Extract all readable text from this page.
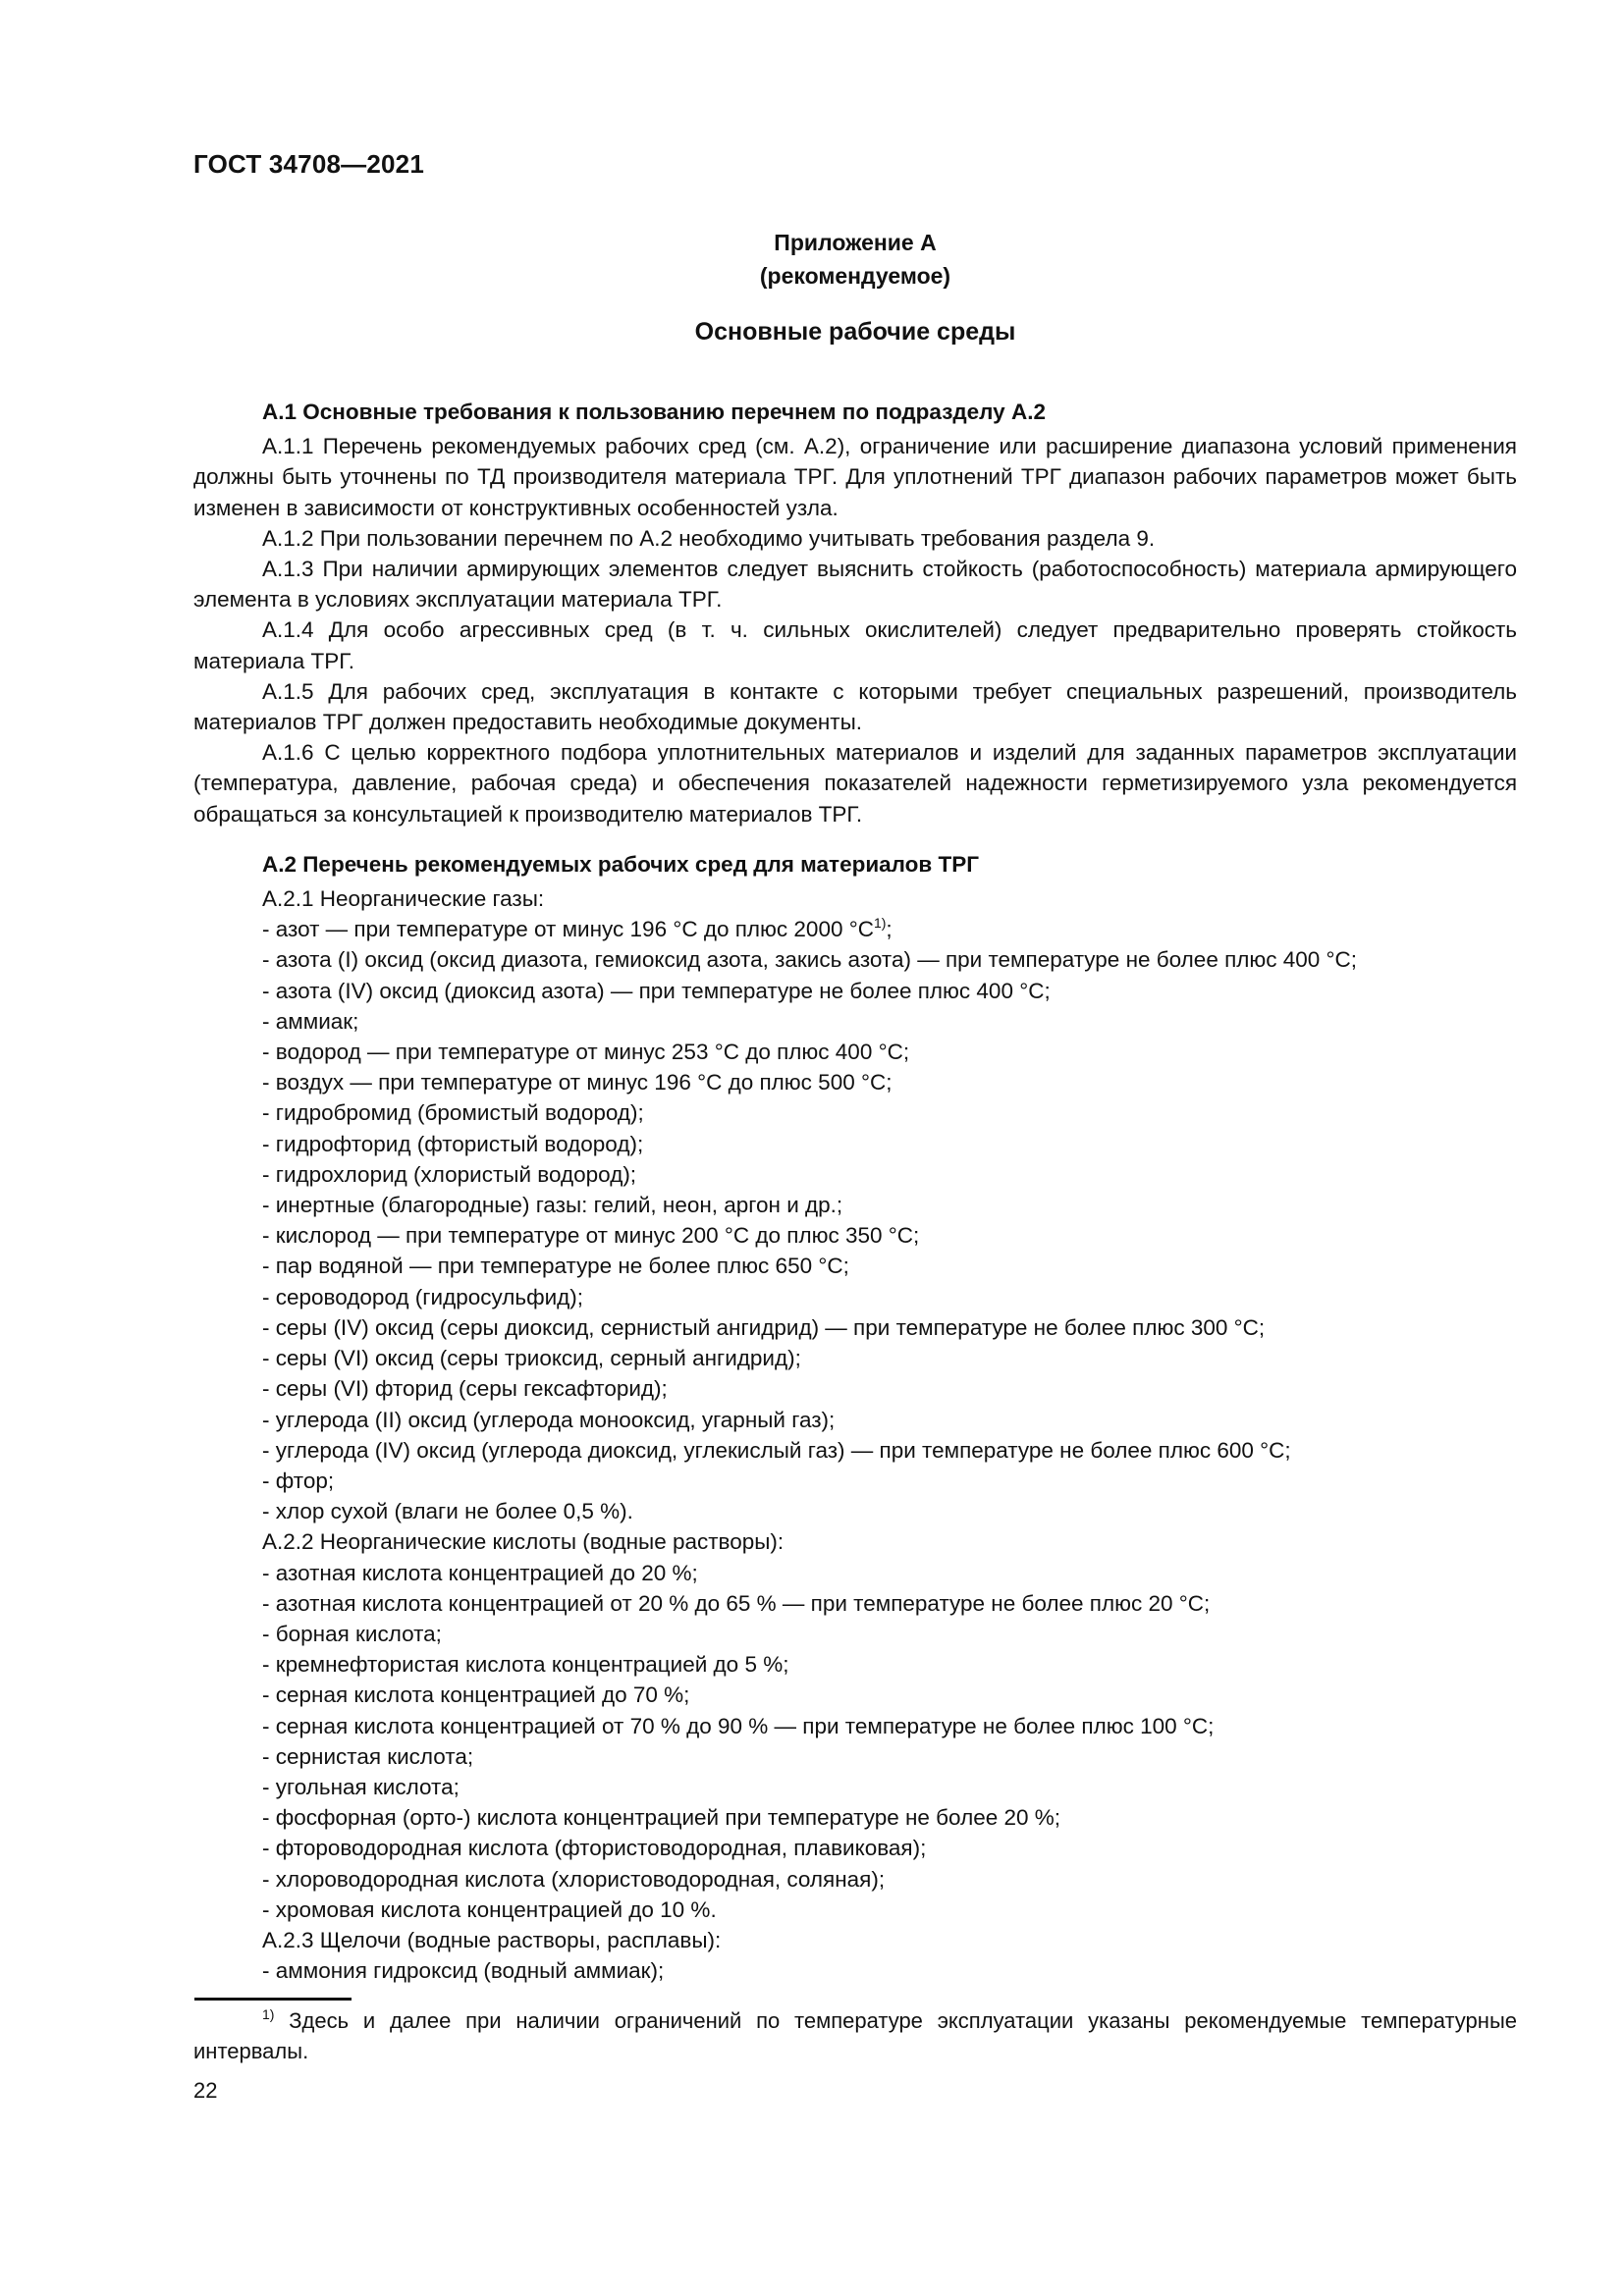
ГОСТ 34708—2021
Приложение А
(рекомендуемое)
Основные рабочие среды
А.1 Основные требования к пользованию перечнем по подразделу А.2

А.1.1 Перечень рекомендуемых рабочих сред (см. А.2), ограничение или расширение диапазона условий применения должны быть уточнены по ТД производителя материала ТРГ. Для уплотнений ТРГ диапазон рабочих параметров может быть изменен в зависимости от конструктивных особенностей узла.

А.1.2 При пользовании перечнем по А.2 необходимо учитывать требования раздела 9.

А.1.3 При наличии армирующих элементов следует выяснить стойкость (работоспособность) материала армирующего элемента в условиях эксплуатации материала ТРГ.

А.1.4 Для особо агрессивных сред (в т. ч. сильных окислителей) следует предварительно проверять стойкость материала ТРГ.

А.1.5 Для рабочих сред, эксплуатация в контакте с которыми требует специальных разрешений, производитель материалов ТРГ должен предоставить необходимые документы.

А.1.6 С целью корректного подбора уплотнительных материалов и изделий для заданных параметров эксплуатации (температура, давление, рабочая среда) и обеспечения показателей надежности герметизируемого узла рекомендуется обращаться за консультацией к производителю материалов ТРГ.

А.2 Перечень рекомендуемых рабочих сред для материалов ТРГ

А.2.1 Неорганические газы:

- азот — при температуре от минус 196 °C до плюс 2000 $^\circ C^{1)}$;

- азота (I) оксид (оксид диазота, гемиоксид азота, закись азота) — при температуре не более плюс 400 °C;

- азота (IV) оксид (диоксид азота) — при температуре не более плюс 400 °C;

- аммиак;

- водород — при температуре от минус 253 °C до плюс 400 °C;

- воздух — при температуре от минус 196 °C до плюс 500 °C;

- гидробромид (бромистый водород);

- гидрофторид (фтористый водород);

- гидрохлорид (хлористый водород);

- инертные (благородные) газы: гелий, неон, аргон и др.;

- кислород — при температуре от минус 200 °C до плюс 350 °C;

- пар водяной — при температуре не более плюс 650 °C;

- сероводород (гидросульфид);

- серы (IV) оксид (серы диоксид, сернистый ангидрид) — при температуре не более плюс 300 °C;

- серы (VI) оксид (серы триоксид, серный ангидрид);

- серы (VI) фторид (серы гексафторид);

- углерода (II) оксид (углерода монооксид, угарный газ);

- углерода (IV) оксид (углерода диоксид, углекислый газ) — при температуре не более плюс 600 °C;

- фтор;

- хлор сухой (влаги не более 0,5 %).

А.2.2 Неорганические кислоты (водные растворы):

- азотная кислота концентрацией до 20 %;

- азотная кислота концентрацией от 20 % до 65 % — при температуре не более плюс 20 °C;

- борная кислота;

- кремнефтористая кислота концентрацией до 5 %;

- серная кислота концентрацией до 70 %;

- серная кислота концентрацией от 70 % до 90 % — при температуре не более плюс 100 °C;

- сернистая кислота;

- угольная кислота;

- фосфорная (орто-) кислота концентрацией при температуре не более 20 %;

- фтороводородная кислота (фтористоводородная, плавиковая);

- хлороводородная кислота (хлористоводородная, соляная);

- хромовая кислота концентрацией до 10 %.

А.2.3 Щелочи (водные растворы, расплавы):

- аммония гидроксид (водный аммиак);

$^{1)}$ Здесь и далее при наличии ограничений по температуре эксплуатации указаны рекомендуемые температурные интервалы.
22
